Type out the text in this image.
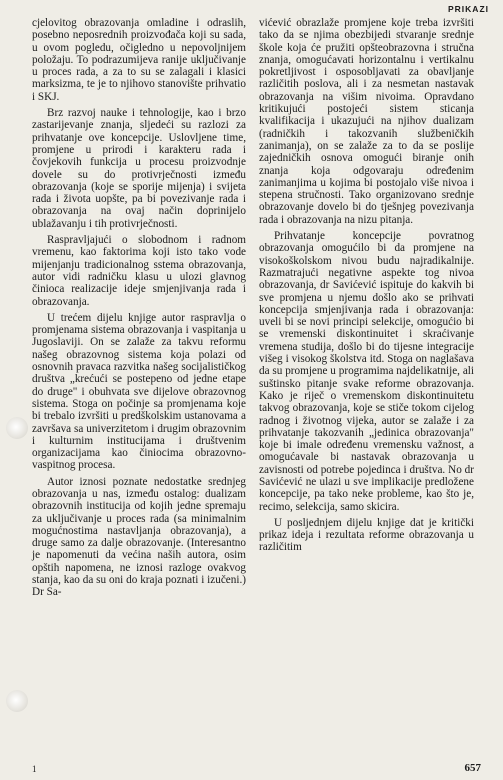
PRIKAZI

cjelovitog obrazovanja omladine i odraslih, posebno neposrednih proizvođača koji su sada, u ovom pogledu, očigledno u nepovoljnijem položaju. To podrazumijeva ranije uključivanje u proces rada, a za to su se zalagali i klasici marksizma, te je to njihovo stanovište prihvatio i SKJ.

Brz razvoj nauke i tehnologije, kao i brzo zastarijevanje znanja, sljedeći su razlozi za prihvatanje ove koncepcije. Uslovljene time, promjene u prirodi i karakteru rada i čovjekovih funkcija u procesu proizvodnje dovele su do protivrječnosti između obrazovanja (koje se sporije mijenja) i svijeta rada i života uopšte, pa bi povezivanje rada i obrazovanja na ovaj način doprinijelo ublažavanju i tih protivrječnosti.

Raspravljajući o slobodnom i radnom vremenu, kao faktorima koji isto tako vode mijenjanju tradicionalnog sstema obrazovanja, autor vidi radničku klasu u ulozi glavnog činioca realizacije ideje smjenjivanja rada i obrazovanja.

U trećem dijelu knjige autor raspravlja o promjenama sistema obrazovanja i vaspitanja u Jugoslaviji. On se zalaže za takvu reformu našeg obrazovnog sistema koja polazi od osnovnih pravaca razvitka našeg socijalističkog društva „krećući se postepeno od jedne etape do druge" i obuhvata sve dijelove obrazovnog sistema. Stoga on počinje sa promjenama koje bi trebalo izvršiti u predškolskim ustanovama a završava sa univerzitetom i drugim obrazovnim i kulturnim institucijama i društvenim organizacijama kao činiocima obrazovno-vaspitnog procesa.

Autor iznosi poznate nedostatke srednjeg obrazovanja u nas, između ostalog: dualizam obrazovnih institucija od kojih jedne spremaju za uključivanje u proces rada (sa minimalnim mogućnostima nastavljanja obrazovanja), a druge samo za dalje obrazovanje. (Interesantno je napomenuti da većina naših autora, osim opštih napomena, ne iznosi razloge ovakvog stanja, kao da su oni do kraja poznati i izučeni.) Dr Sa-

vićević obrazlaže promjene koje treba izvršiti tako da se njima obezbijedi stvaranje srednje škole koja će pružiti opšteobrazovna i stručna znanja, omogućavati horizontalnu i vertikalnu pokretljivost i osposobljavati za obavljanje različitih poslova, ali i za nesmetan nastavak obrazovanja na višim nivoima. Opravdano kritikujući postojeći sistem sticanja kvalifikacija i ukazujući na njihov dualizam (radničkih i takozvanih službeničkih zanimanja), on se zalaže za to da se poslije zajedničkih osnova omogući biranje onih znanja koja odgovaraju određenim zanimanjima u kojima bi postojalo više nivoa i stepena stručnosti. Tako organizovano srednje obrazovanje dovelo bi do tješnjeg povezivanja rada i obrazovanja na nizu pitanja.

Prihvatanje koncepcije povratnog obrazovanja omogućilo bi da promjene na visokoškolskom nivou budu najradikalnije. Razmatrajući negativne aspekte tog nivoa obrazovanja, dr Savićević ispituje do kakvih bi sve promjena u njemu došlo ako se prihvati koncepcija smjenjivanja rada i obrazovanja: uveli bi se novi principi selekcije, omogućio bi se vremenski diskontinuitet i skraćivanje vremena studija, došlo bi do tijesne integracije višeg i visokog školstva itd. Stoga on naglašava da su promjene u programima najdelikatnije, ali suštinsko pitanje svake reforme obrazovanja. Kako je riječ o vremenskom diskontinuitetu takvog obrazovanja, koje se stiče tokom cijelog radnog i životnog vijeka, autor se zalaže i za prihvatanje takozvanih „jedinica obrazovanja" koje bi imale određenu vremensku važnost, a omogućavale bi nastavak obrazovanja u zavisnosti od potrebe pojedinca i društva. No dr Savićević ne ulazi u sve implikacije predložene koncepcije, pa tako neke probleme, kao što je, recimo, selekcija, samo skicira.

U posljednjem dijelu knjige dat je kritički prikaz ideja i rezultata reforme obrazovanja u različitim

1	657
